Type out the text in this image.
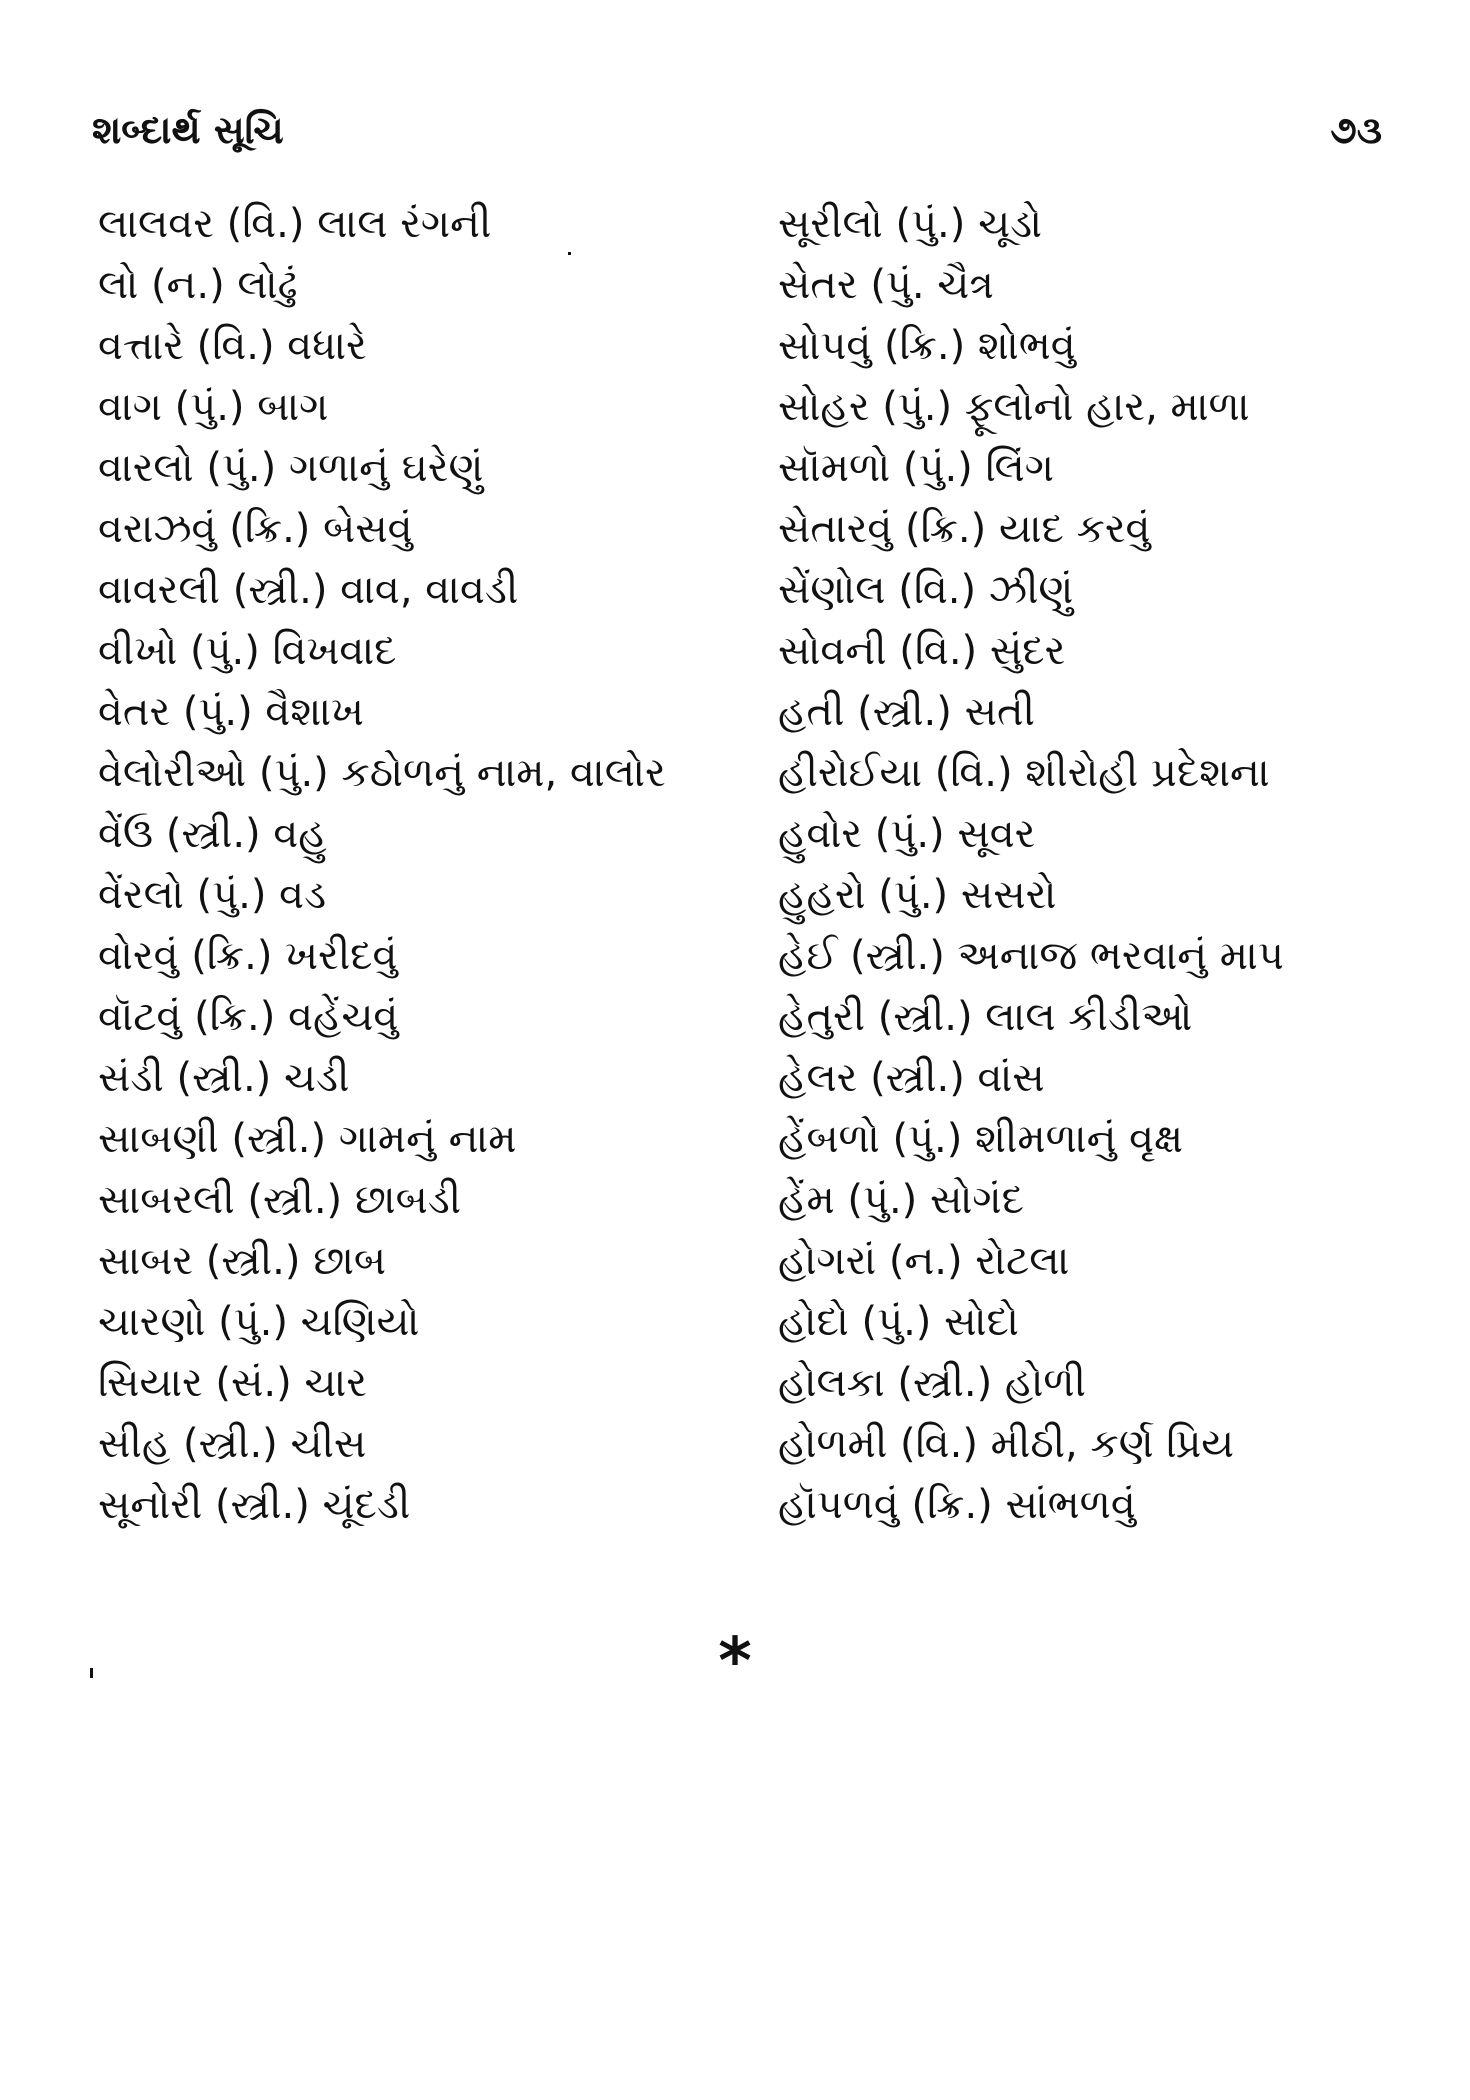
શબ્દાર્થ સૂચિ	૭૩
લાલવર (વિ.) લાલ રંગની
લો (ન.) લોઢું
વત્તારે (વિ.) વધારે
વાગ (પું.) બાગ
વારલો (પું.) ગળાનું ઘરેણું
વરાઝવું (ક્રિ.) બેસવું
વાવરલી (સ્ત્રી.) વાવ, વાવડી
વીખો (પું.) વિખવાદ
વેતર (પું.) વૈશાખ
વેલોરીઓ (પું.) કઠોળનું નામ, વાલોર
વેંઉ (સ્ત્રી.) વહુ
વેંરલો (પું.) વડ
વોરવું (ક્રિ.) ખરીદવું
વૉટવું (ક્રિ.) વહેંચવું
સંડી (સ્ત્રી.) ચડી
સાબણી (સ્ત્રી.) ગામનું નામ
સાબરલી (સ્ત્રી.) છાબડી
સાબર (સ્ત્રી.) છાબ
ચારણો (પું.) ચણિયો
સિયાર (સં.) ચાર
સીહ (સ્ત્રી.) ચીસ
સૂનોરી (સ્ત્રી.) ચૂંદડી
સૂરીલો (પું.) ચૂડો
સેતર (પું. ચૈત્ર
સોપવું (ક્રિ.) શોભવું
સોહર (પું.) ફૂલોનો હાર, માળા
સૉમળો (પું.) લિંગ
સેતારવું (ક્રિ.) યાદ કરવું
સેંણોલ (વિ.) ઝીણું
સોવની (વિ.) સુંદર
હતી (સ્ત્રી.) સતી
હીરોઈયા (વિ.) શીરોહી પ્રદેશના
હુવોર (પું.) સૂવર
હુહરો (પું.) સસરો
હેઈ (સ્ત્રી.) અનાજ ભરવાનું માપ
હેતુરી (સ્ત્રી.) લાલ કીડીઓ
હેલર (સ્ત્રી.) વાંસ
હેંબળો (પું.) શીમળાનું વૃક્ષ
હેંમ (પું.) સોગંદ
હોગરાં (ન.) રોટલા
હોદો (પું.) સોદો
હોલકા (સ્ત્રી.) હોળી
હોળમી (વિ.) મીઠી, કર્ણ પ્રિય
હૉપળવું (ક્રિ.) સાંભળવું
*
